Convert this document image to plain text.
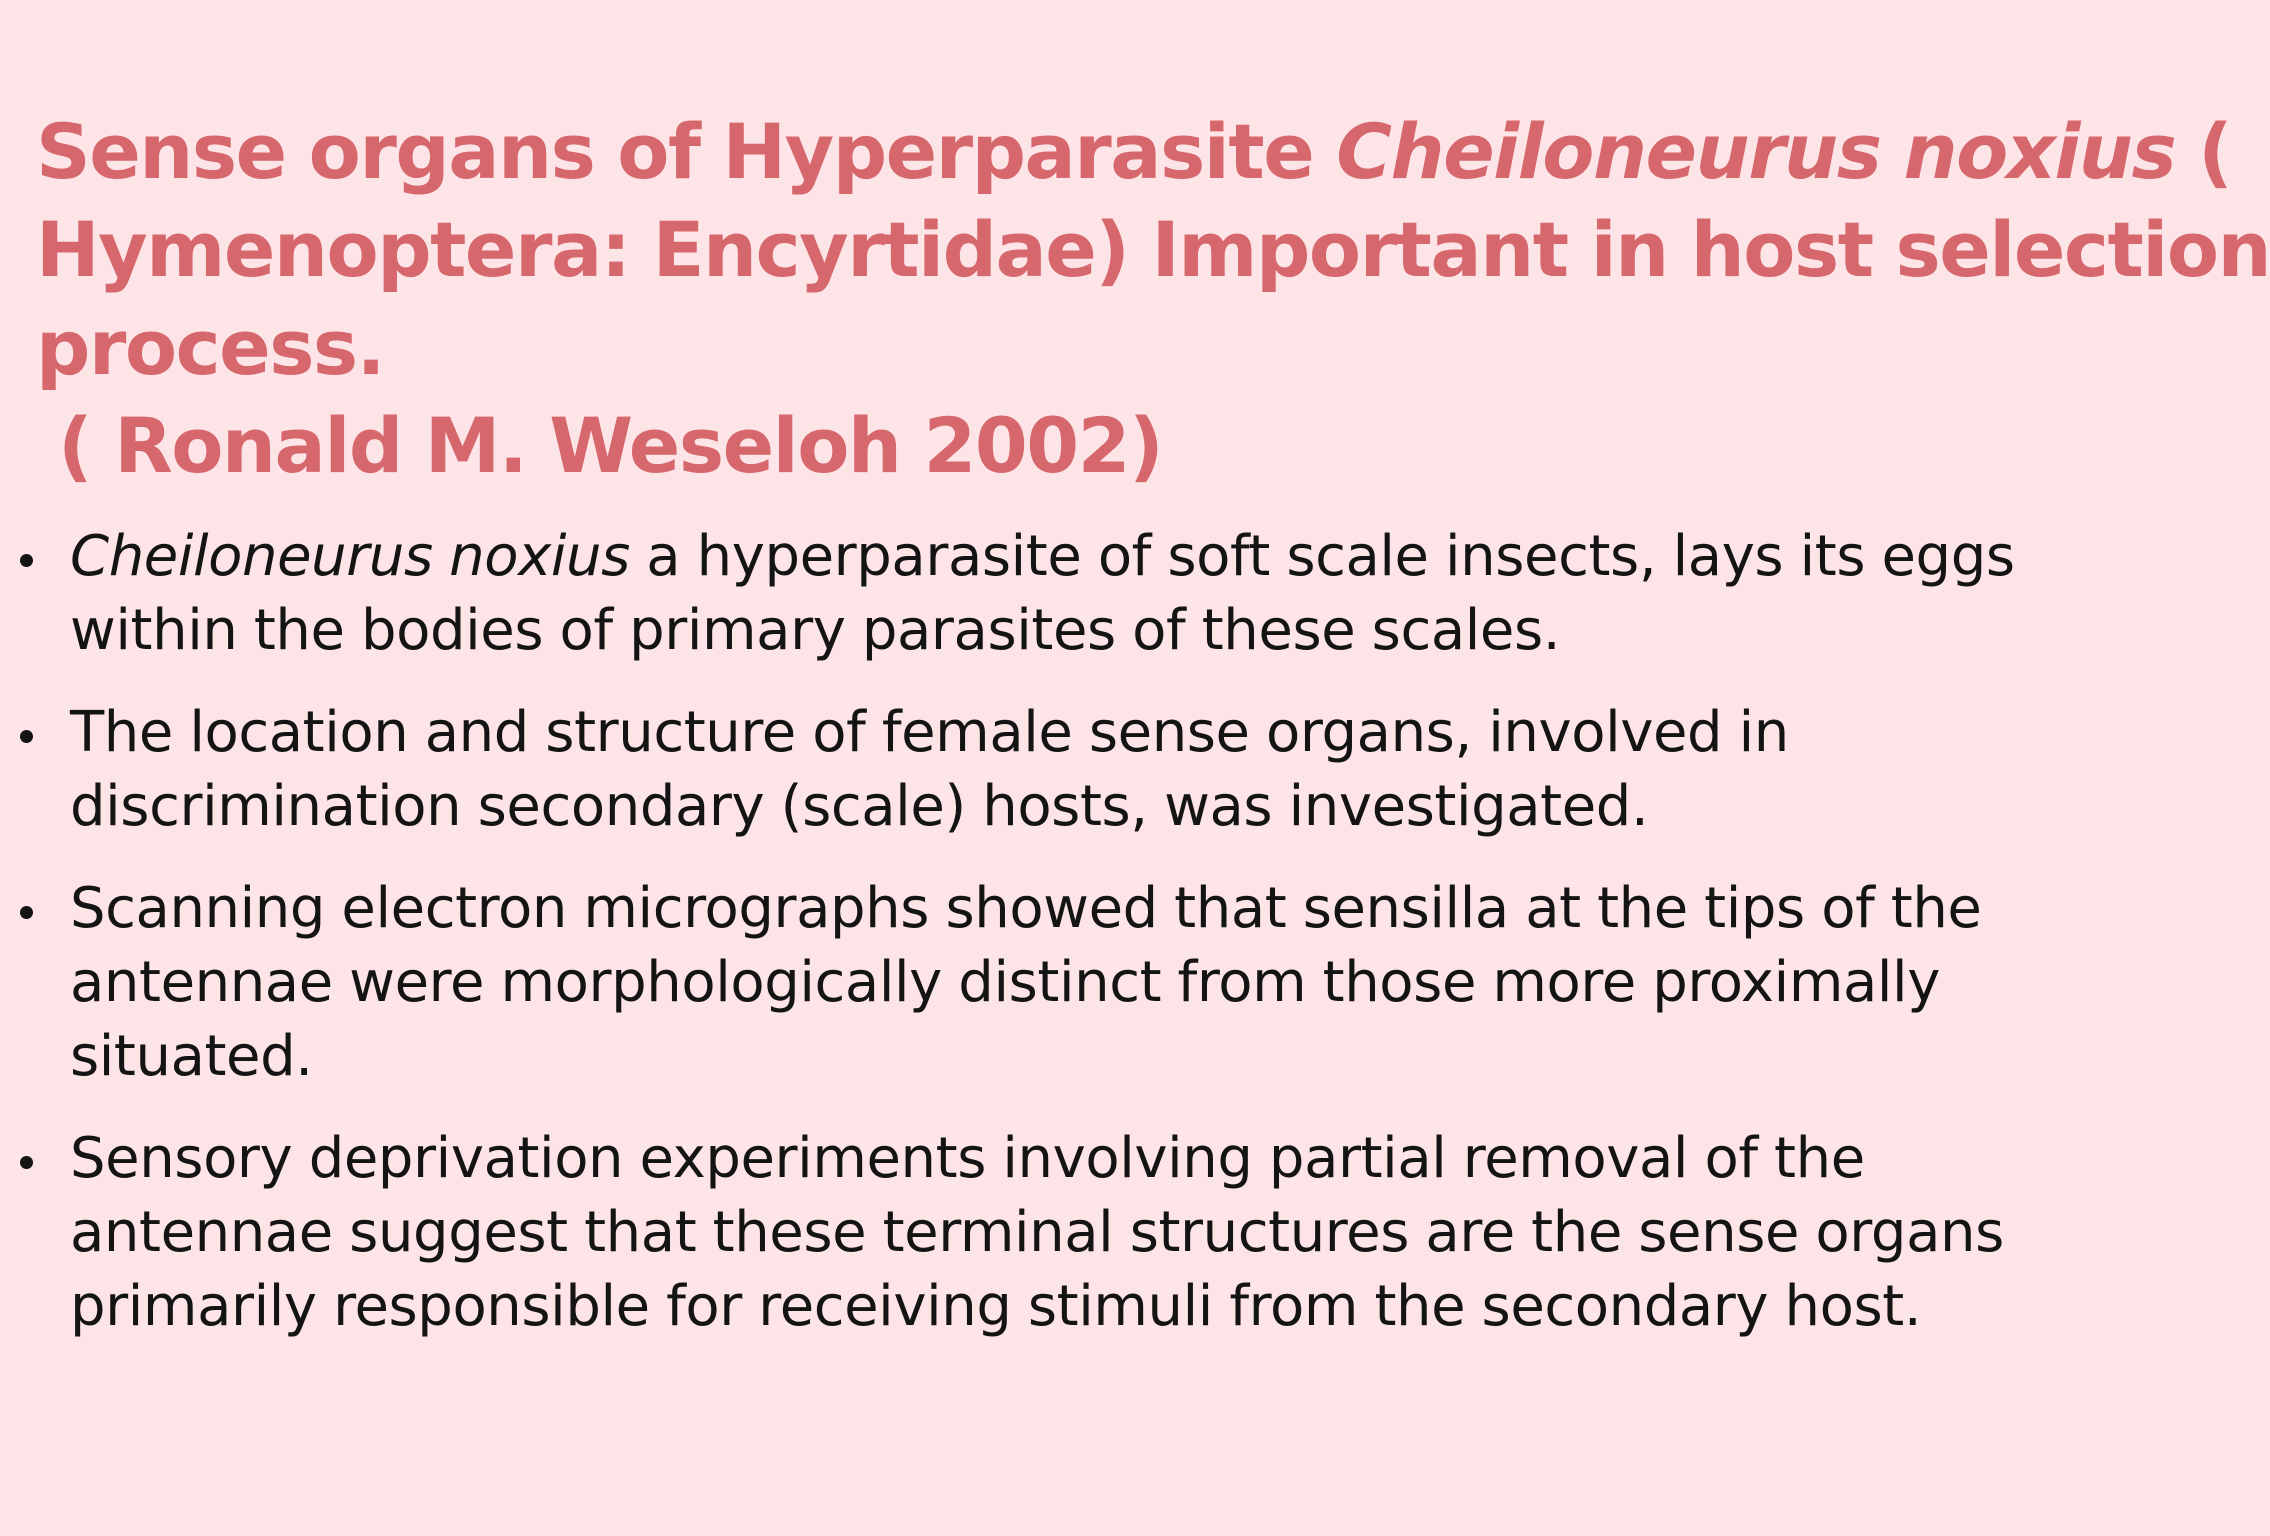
Sense organs of Hyperparasite Cheiloneurus noxius (
Hymenoptera: Encyrtidae) Important in host selection
process.
( Ronald M. Weseloh 2002)
Cheiloneurus noxius a hyperparasite of soft scale insects, lays its eggs
within the bodies of primary parasites of these scales.
The location and structure of female sense organs, involved in
discrimination secondary (scale) hosts, was investigated.
Scanning electron micrographs showed that sensilla at the tips of the
antennae were morphologically distinct from those more proximally
situated.
Sensory deprivation experiments involving partial removal of the
antennae suggest that these terminal structures are the sense organs
primarily responsible for receiving stimuli from the secondary host.
